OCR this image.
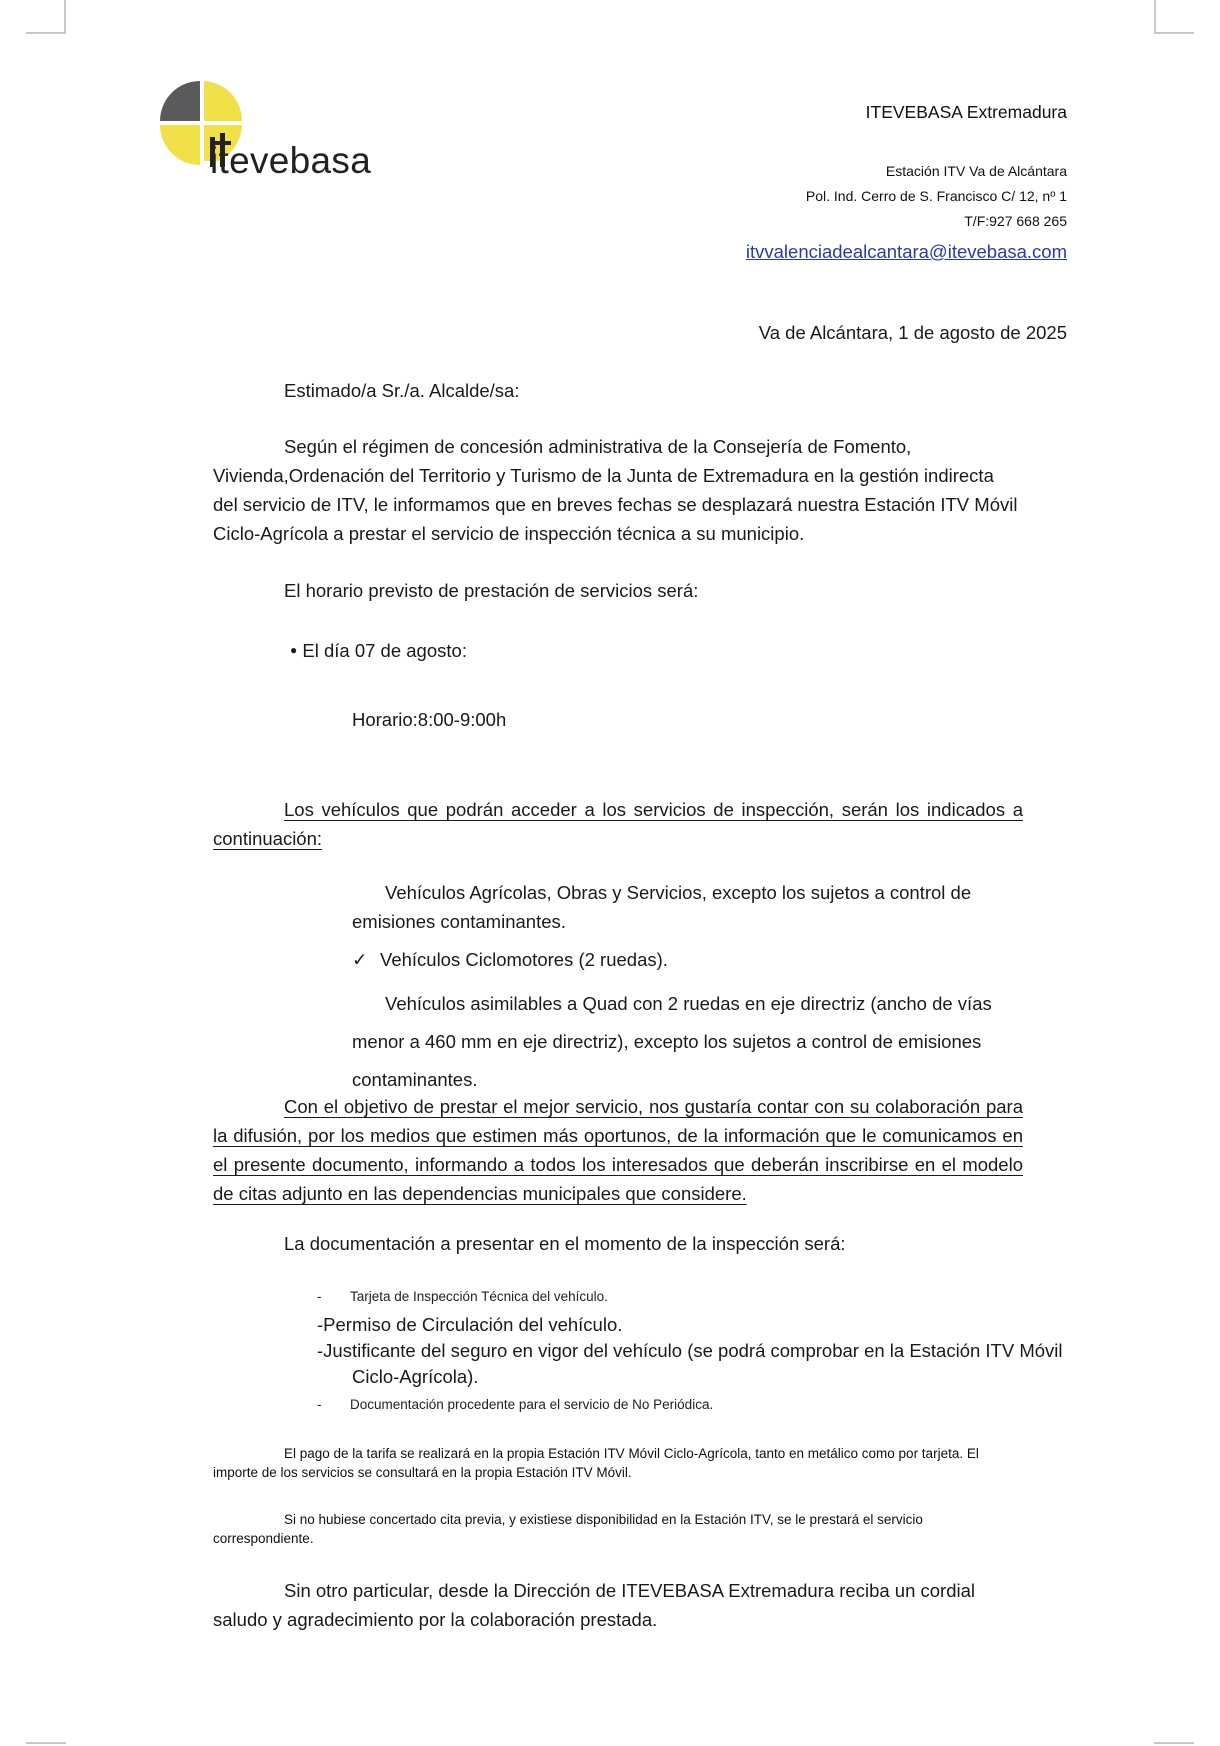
itevebasa
ITEVEBASA Extremadura
Estación ITV Va de Alcántara
Pol. Ind. Cerro de S. Francisco C/ 12, nº 1
T/F:927 668 265
itvvalenciadealcantara@itevebasa.com
Va de Alcántara, 1 de agosto de 2025
Estimado/a Sr./a. Alcalde/sa:
Según el régimen de concesión administrativa de la Consejería de Fomento, Vivienda,Ordenación del Territorio y Turismo de la Junta de Extremadura en la gestión indirecta del servicio de ITV, le informamos que en breves fechas se desplazará nuestra Estación ITV Móvil Ciclo-Agrícola a prestar el servicio de inspección técnica a su municipio.
El horario previsto de prestación de servicios será:
● El día 07 de agosto:
Horario:8:00-9:00h
Los vehículos que podrán acceder a los servicios de inspección, serán los indicados a continuación:
Vehículos Agrícolas, Obras y Servicios, excepto los sujetos a control de emisiones contaminantes.
✓ Vehículos Ciclomotores (2 ruedas).
Vehículos asimilables a Quad con 2 ruedas en eje directriz (ancho de vías menor a 460 mm en eje directriz), excepto los sujetos a control de emisiones contaminantes.
Con el objetivo de prestar el mejor servicio, nos gustaría contar con su colaboración para la difusión, por los medios que estimen más oportunos, de la información que le comunicamos en el presente documento, informando a todos los interesados que deberán inscribirse en el modelo de citas adjunto en las dependencias municipales que considere.
La documentación a presentar en el momento de la inspección será:
- Tarjeta de Inspección Técnica del vehículo.
-Permiso de Circulación del vehículo.
-Justificante del seguro en vigor del vehículo (se podrá comprobar en la Estación ITV Móvil
Ciclo-Agrícola).
- Documentación procedente para el servicio de No Periódica.
El pago de la tarifa se realizará en la propia Estación ITV Móvil Ciclo-Agrícola, tanto en metálico como por tarjeta. El importe de los servicios se consultará en la propia Estación ITV Móvil.
Si no hubiese concertado cita previa, y existiese disponibilidad en la Estación ITV, se le prestará el servicio correspondiente.
Sin otro particular, desde la Dirección de ITEVEBASA Extremadura reciba un cordial saludo y agradecimiento por la colaboración prestada.
